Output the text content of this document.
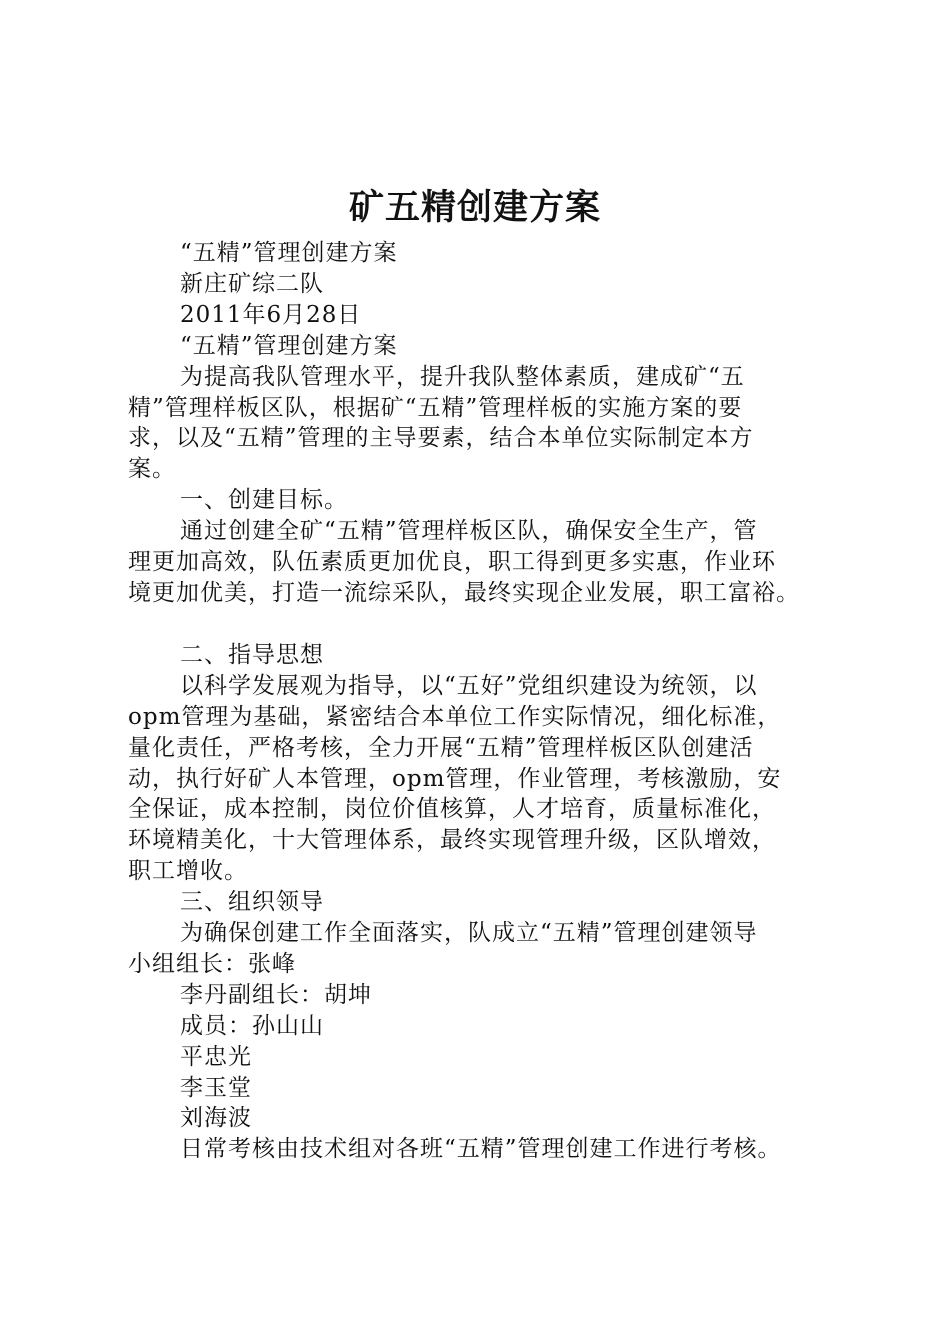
矿五精创建方案

“五精”管理创建方案

新庄矿综二队

2011年6月28日

“五精”管理创建方案

为提高我队管理水平，提升我队整体素质，建成矿“五

精”管理样板区队，根据矿“五精”管理样板的实施方案的要

求，以及“五精”管理的主导要素，结合本单位实际制定本方

案。

一、创建目标。

通过创建全矿“五精”管理样板区队，确保安全生产，管

理更加高效，队伍素质更加优良，职工得到更多实惠，作业环

境更加优美，打造一流综采队，最终实现企业发展，职工富裕。

二、指导思想

以科学发展观为指导，以“五好”党组织建设为统领，以

opm管理为基础，紧密结合本单位工作实际情况，细化标准，

量化责任，严格考核，全力开展“五精”管理样板区队创建活

动，执行好矿人本管理，opm管理，作业管理，考核激励，安

全保证，成本控制，岗位价值核算，人才培育，质量标准化，

环境精美化，十大管理体系，最终实现管理升级，区队增效，

职工增收。

三、组织领导

为确保创建工作全面落实，队成立“五精”管理创建领导

小组组长：张峰

李丹副组长：胡坤

成员：孙山山

平忠光

李玉堂

刘海波

日常考核由技术组对各班“五精”管理创建工作进行考核。
